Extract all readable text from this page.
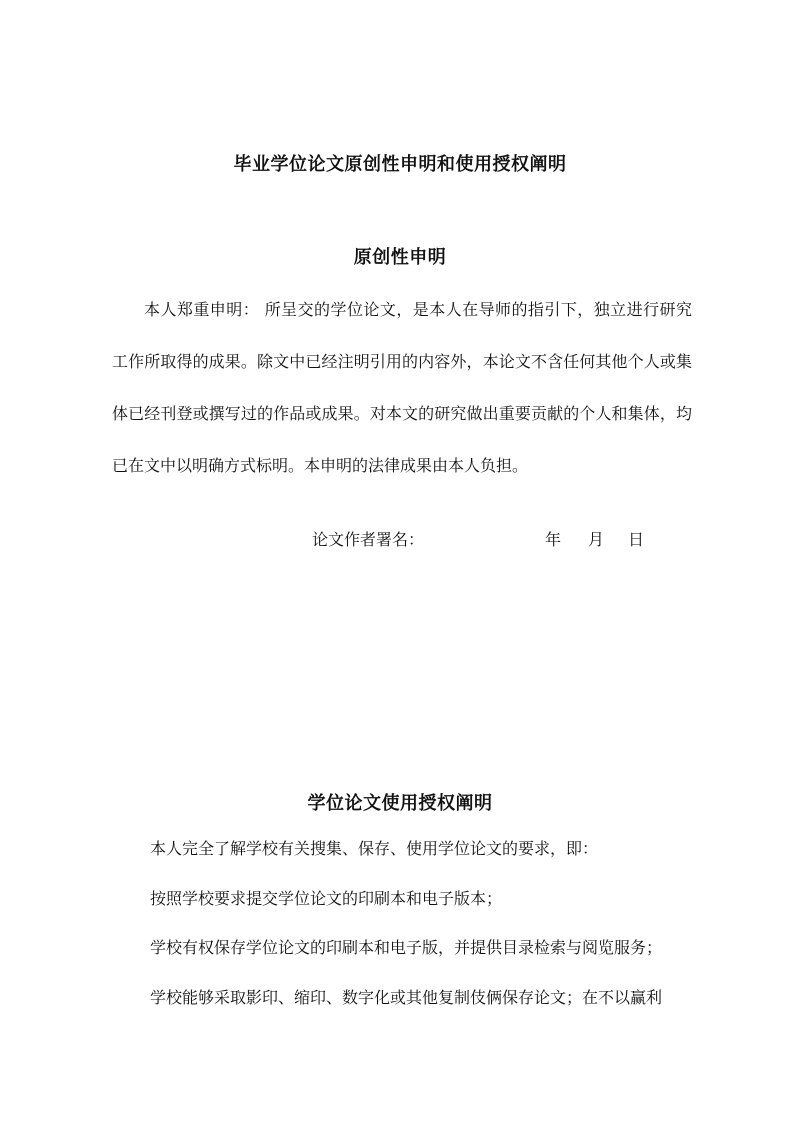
毕业学位论文原创性申明和使用授权阐明
原创性申明
本人郑重申明： 所呈交的学位论文，是本人在导师的指引下，独立进行研究工作所取得的成果。除文中已经注明引用的内容外，本论文不含任何其他个人或集体已经刊登或撰写过的作品或成果。对本文的研究做出重要贡献的个人和集体，均已在文中以明确方式标明。本申明的法律成果由本人负担。
论文作者署名：	年 月 日
学位论文使用授权阐明
本人完全了解学校有关搜集、保存、使用学位论文的要求，即：
按照学校要求提交学位论文的印刷本和电子版本；
学校有权保存学位论文的印刷本和电子版，并提供目录检索与阅览服务；
学校能够采取影印、缩印、数字化或其他复制伎俩保存论文；在不以赢利
